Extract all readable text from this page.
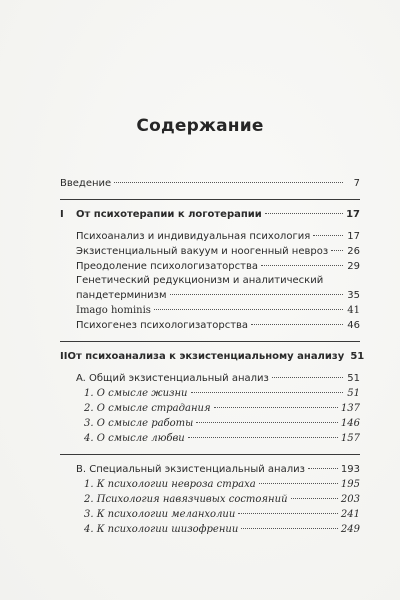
Содержание
Введение	7
I	От психотерапии к логотерапии	17
Психоанализ и индивидуальная психология	17
Экзистенциальный вакуум и ноогенный невроз 26
Преодоление психологизаторства	29
Генетический редукционизм и аналитический
пандетерминизм	35
Imago hominis	41
Психогенез психологизаторства	46
II От психоанализа к экзистенциальному анализу 51
A. Общий экзистенциальный анализ	51
1. О смысле жизни	51
2. О смысле страдания	137
3. О смысле работы	146
4. О смысле любви	157
B. Специальный экзистенциальный анализ	193
1. К психологии невроза страха	195
2. Психология навязчивых состояний	203
3. К психологии меланхолии	241
4. К психологии шизофрении	249
